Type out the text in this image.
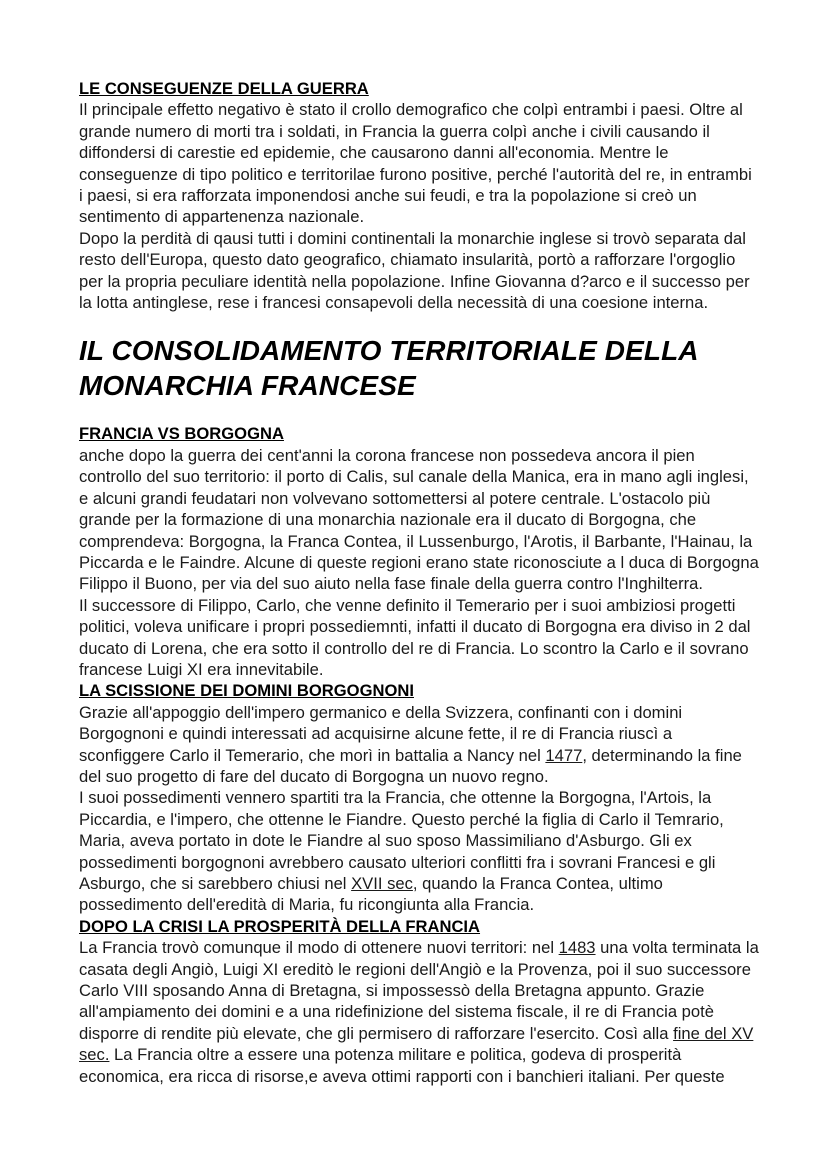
LE CONSEGUENZE DELLA GUERRA

Il principale effetto negativo è stato il crollo demografico che colpì entrambi i paesi. Oltre al grande numero di morti tra i soldati, in Francia la guerra colpì anche i civili causando il diffondersi di carestie ed epidemie, che causarono danni all'economia. Mentre le conseguenze di tipo politico e territorilae furono positive, perché l'autorità del re, in entrambi i paesi, si era rafforzata imponendosi anche sui feudi, e tra la popolazione si creò un sentimento di appartenenza nazionale.

Dopo la perdità di qausi tutti i domini continentali la monarchie inglese si trovò separata dal resto dell'Europa, questo dato geografico, chiamato insularità, portò a rafforzare l'orgoglio per la propria peculiare identità nella popolazione. Infine Giovanna d?arco e il successo per la lotta antinglese, rese i francesi consapevoli della necessità di una coesione interna.

IL CONSOLIDAMENTO TERRITORIALE DELLA MONARCHIA FRANCESE

FRANCIA VS BORGOGNA

anche dopo la guerra dei cent'anni la corona francese non possedeva ancora il pien controllo del suo territorio: il porto di Calis, sul canale della Manica, era in mano agli inglesi, e alcuni grandi feudatari non volvevano sottomettersi al potere centrale. L'ostacolo più grande per la formazione di una monarchia nazionale era il ducato di Borgogna, che comprendeva: Borgogna, la Franca Contea, il Lussenburgo, l'Arotis, il Barbante, l'Hainau, la Piccarda e le Faindre. Alcune di queste regioni erano state riconosciute a l duca di Borgogna Filippo il Buono, per via del suo aiuto nella fase finale della guerra contro l'Inghilterra.

Il successore di Filippo, Carlo, che venne definito il Temerario per i suoi ambiziosi progetti politici, voleva unificare i propri possediemnti, infatti il ducato di Borgogna era diviso in 2 dal ducato di Lorena, che era sotto il controllo del re di Francia. Lo scontro la Carlo e il sovrano francese Luigi XI era innevitabile.

LA SCISSIONE DEI DOMINI BORGOGNONI

Grazie all'appoggio dell'impero germanico e della Svizzera, confinanti con i domini Borgognoni e quindi interessati ad acquisirne alcune fette, il re di Francia riuscì a sconfiggere Carlo il Temerario, che morì in battalia a Nancy nel 1477, determinando la fine del suo progetto di fare del ducato di Borgogna un nuovo regno.

I suoi possedimenti vennero spartiti tra la Francia, che ottenne la Borgogna, l'Artois, la Piccardia, e l'impero, che ottenne le Fiandre. Questo perché la figlia di Carlo il Temrario, Maria, aveva portato in dote le Fiandre al suo sposo Massimiliano d'Asburgo. Gli ex possedimenti borgognoni avrebbero causato ulteriori conflitti fra i sovrani Francesi e gli Asburgo, che si sarebbero chiusi nel XVII sec, quando la Franca Contea, ultimo possedimento dell'eredità di Maria, fu ricongiunta alla Francia.

DOPO LA CRISI LA PROSPERITÀ DELLA FRANCIA

La Francia trovò comunque il modo di ottenere nuovi territori: nel 1483 una volta terminata la casata degli Angiò, Luigi XI ereditò le regioni dell'Angiò e la Provenza, poi il suo successore Carlo VIII sposando Anna di Bretagna, si impossessò della Bretagna appunto. Grazie all'ampiamento dei domini e a una ridefinizione del sistema fiscale, il re di Francia potè disporre di rendite più elevate, che gli permisero di rafforzare l'esercito. Così alla fine del XV sec. La Francia oltre a essere una potenza militare e politica, godeva di prosperità economica, era ricca di risorse,e aveva ottimi rapporti con i banchieri italiani. Per queste
